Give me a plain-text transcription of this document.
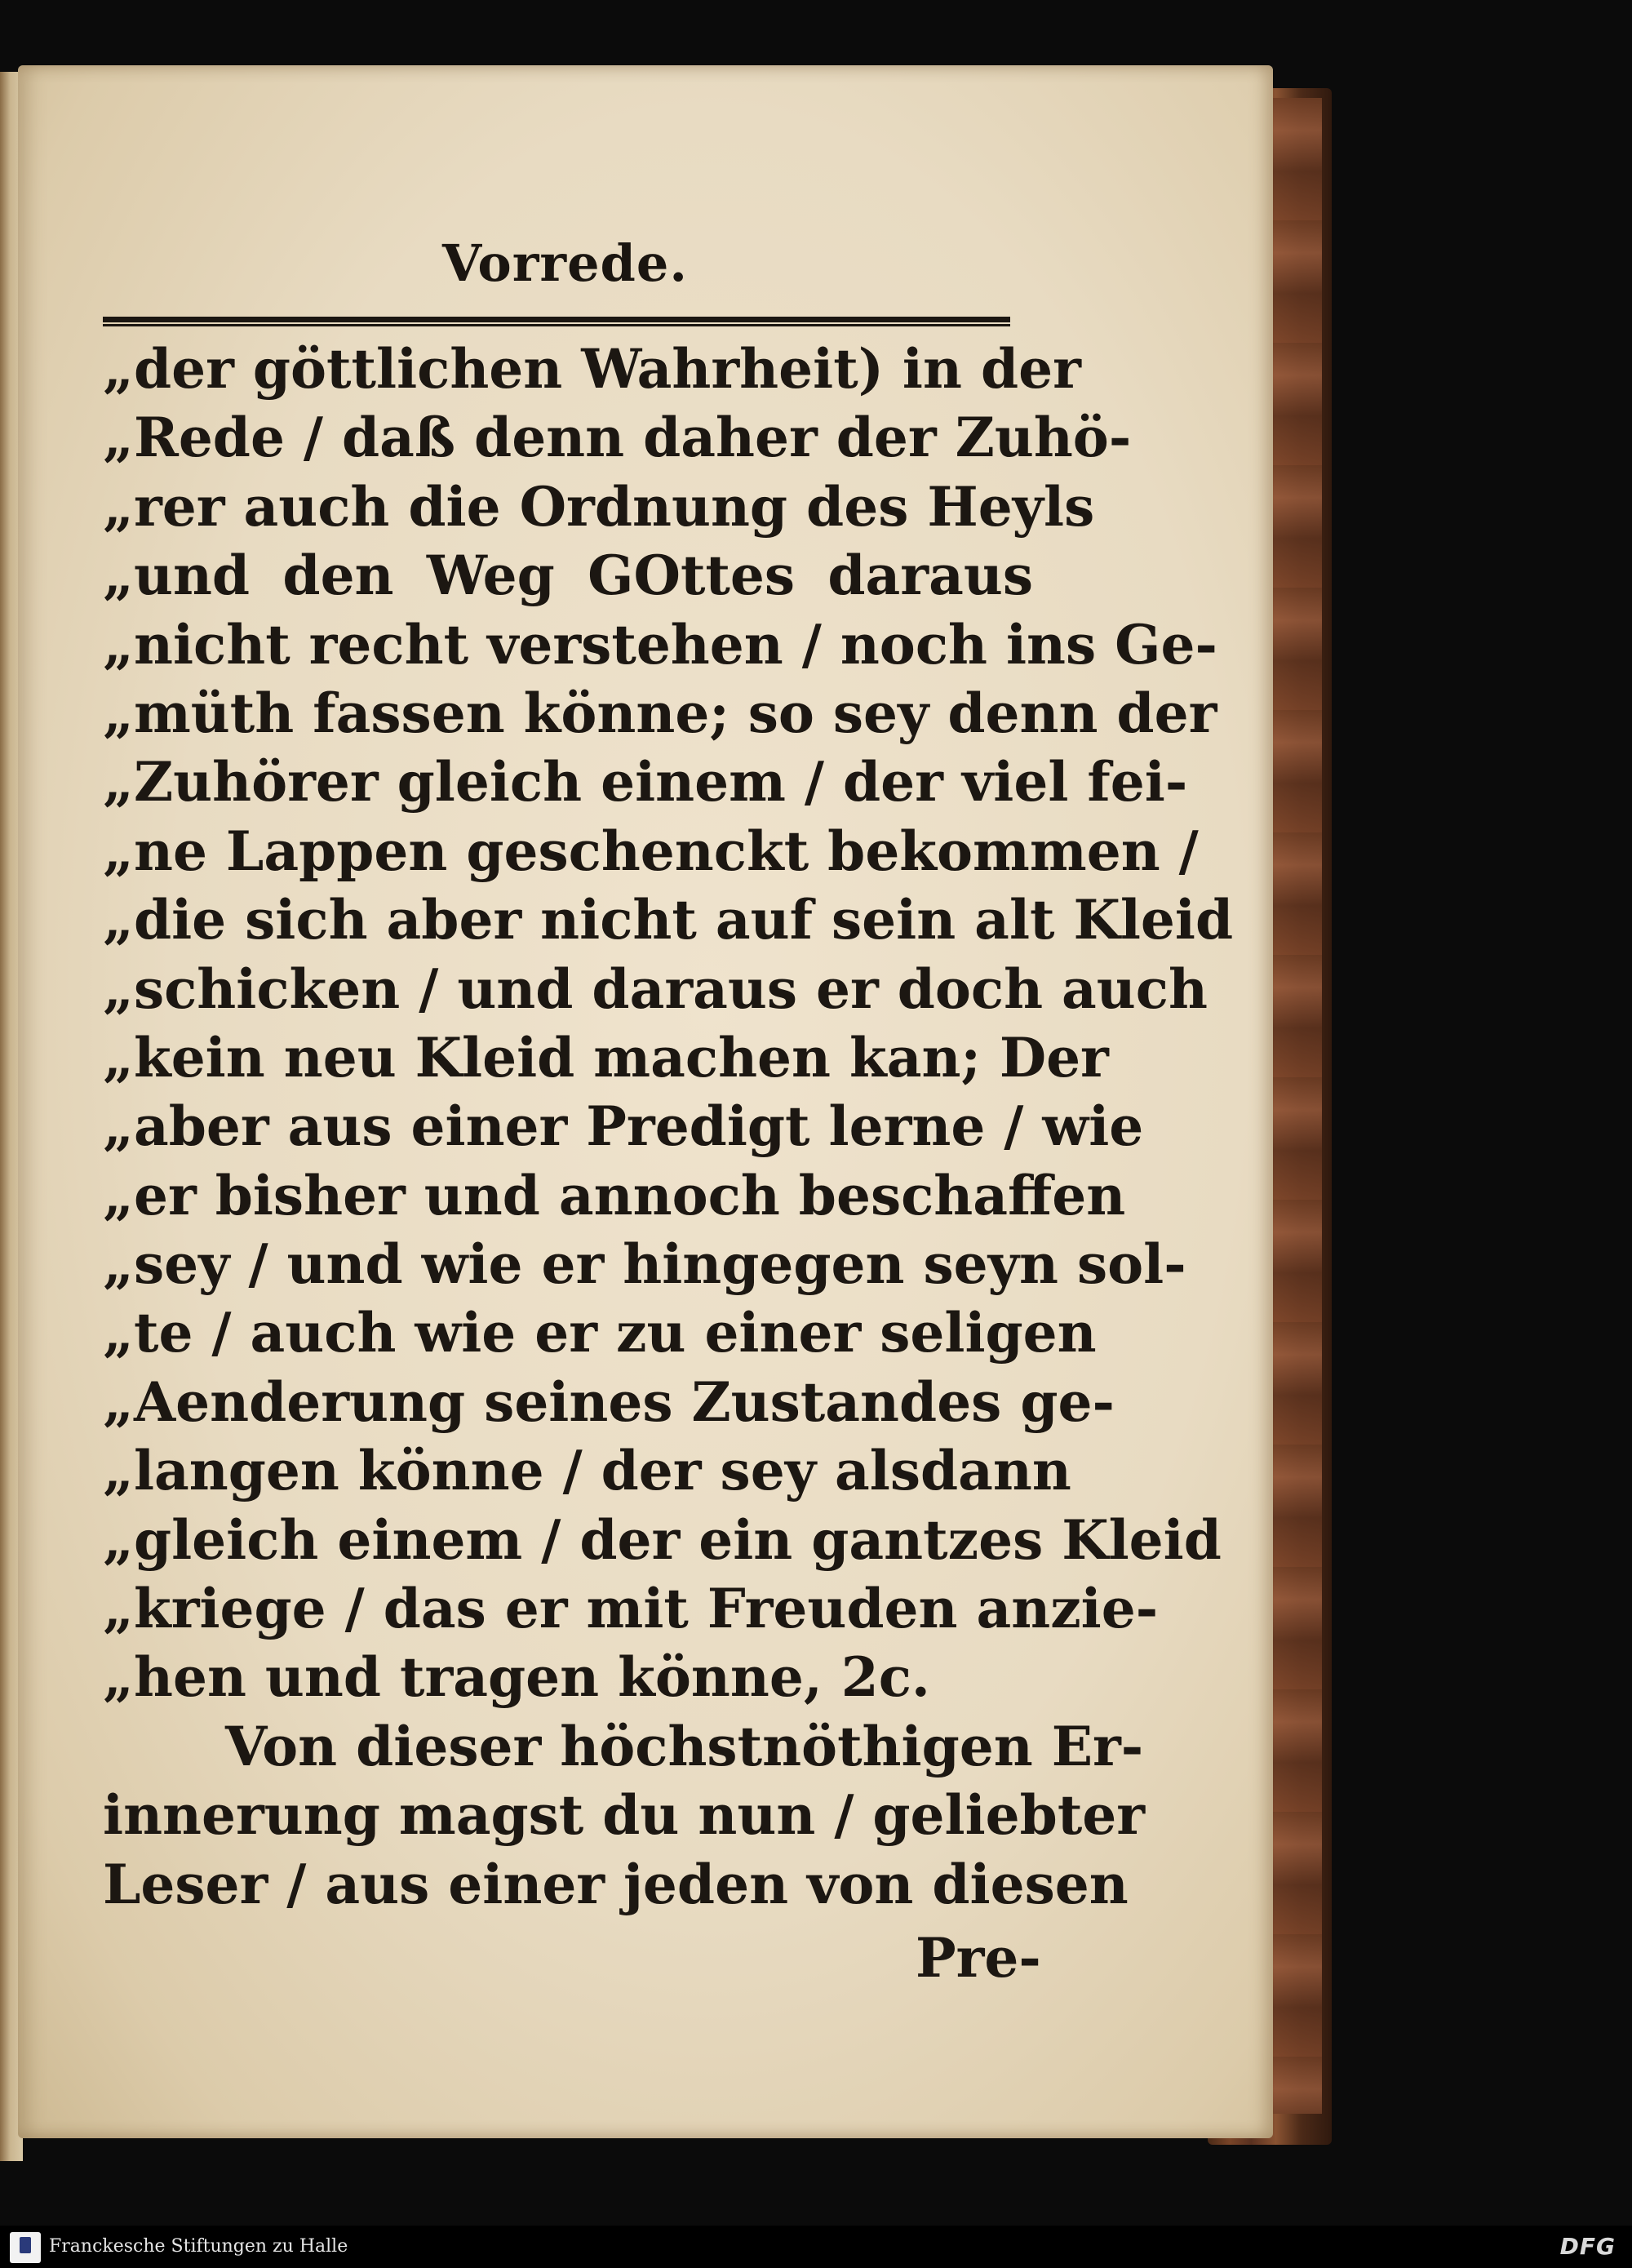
Vorrede.
„der göttlichen Wahrheit) in der
„Rede / daß denn daher der Zuhö-
„rer auch die Ordnung des Heyls
„und den Weg GOttes daraus
„nicht recht verstehen / noch ins Ge-
„müth fassen könne; so sey denn der
„Zuhörer gleich einem / der viel fei-
„ne Lappen geschenckt bekommen /
„die sich aber nicht auf sein alt Kleid
„schicken / und daraus er doch auch
„kein neu Kleid machen kan; Der
„aber aus einer Predigt lerne / wie
„er bisher und annoch beschaffen
„sey / und wie er hingegen seyn sol-
„te / auch wie er zu einer seligen
„Aenderung seines Zustandes ge-
„langen könne / der sey alsdann
„gleich einem / der ein gantzes Kleid
„kriege / das er mit Freuden anzie-
„hen und tragen könne, 2c.
Von dieser höchstnöthigen Er-
innerung magst du nun / geliebter
Leser / aus einer jeden von diesen
Pre-
Franckesche Stiftungen zu Halle	DFG
